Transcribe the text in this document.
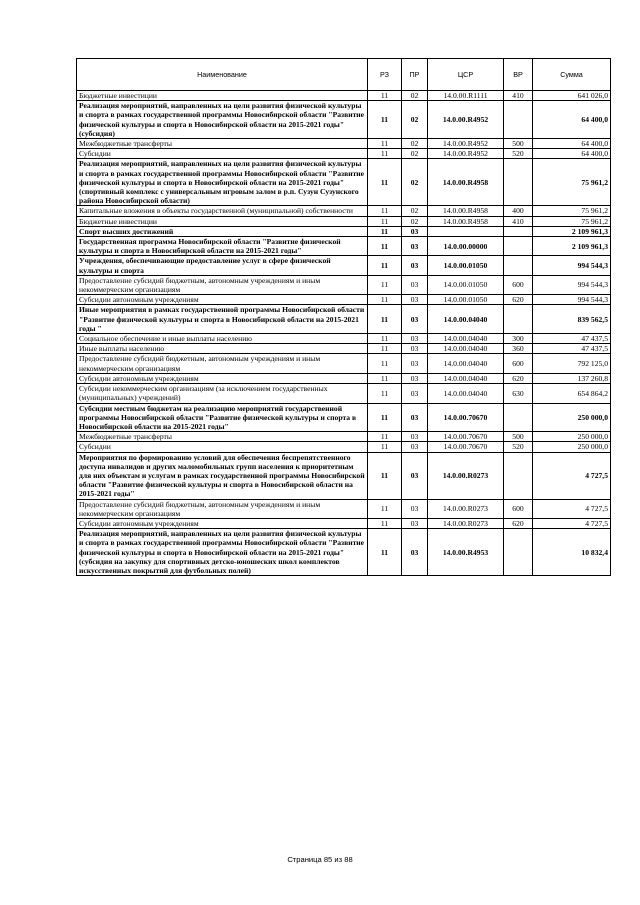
Наименование	РЗ	ПР	ЦСР	ВР	Сумма
Бюджетные инвестиции	11	02	14.0.00.R1111	410	641 026,0
Реализация мероприятий, направленных на цели развития физической культуры и спорта в рамках государственной программы Новосибирской области "Развитие физической культуры и спорта в Новосибирской области на 2015-2021 годы" (субсидия)	11	02	14.0.00.R4952		64 400,0
Межбюджетные трансферты	11	02	14.0.00.R4952	500	64 400,0
Субсидии	11	02	14.0.00.R4952	520	64 400,0
Реализация мероприятий, направленных на цели развития физической культуры и спорта в рамках государственной программы Новосибирской области "Развитие физической культуры и спорта в Новосибирской области на 2015-2021 годы" (спортивный комплекс с универсальным игровым залом в р.п. Сузун Сузунского района Новосибирской области)	11	02	14.0.00.R4958		75 961,2
Капитальные вложения в объекты государственной (муниципальной) собственности	11	02	14.0.00.R4958	400	75 961,2
Бюджетные инвестиции	11	02	14.0.00.R4958	410	75 961,2
Спорт высших достижений	11	03			2 109 961,3
Государственная программа Новосибирской области "Развитие физической культуры и спорта в Новосибирской области на 2015-2021 годы"	11	03	14.0.00.00000		2 109 961,3
Учреждения, обеспечивающие предоставление услуг в сфере физической культуры и спорта	11	03	14.0.00.01050		994 544,3
Предоставление субсидий бюджетным, автономным учреждениям и иным некоммерческим организациям	11	03	14.0.00.01050	600	994 544,3
Субсидии автономным учреждениям	11	03	14.0.00.01050	620	994 544,3
Иные мероприятия в рамках государственной программы Новосибирской области "Развитие физической культуры и спорта в Новосибирской области на 2015-2021 годы "	11	03	14.0.00.04040		839 562,5
Социальное обеспечение и иные выплаты населению	11	03	14.0.00.04040	300	47 437,5
Иные выплаты населению	11	03	14.0.00.04040	360	47 437,5
Предоставление субсидий бюджетным, автономным учреждениям и иным некоммерческим организациям	11	03	14.0.00.04040	600	792 125,0
Субсидии автономным учреждениям	11	03	14.0.00.04040	620	137 260,8
Субсидии некоммерческим организациям (за исключением государственных (муниципальных) учреждений)	11	03	14.0.00.04040	630	654 864,2
Субсидии местным бюджетам на реализацию мероприятий государственной программы Новосибирской области "Развитие физической культуры и спорта в Новосибирской области на 2015-2021 годы"	11	03	14.0.00.70670		250 000,0
Межбюджетные трансферты	11	03	14.0.00.70670	500	250 000,0
Субсидии	11	03	14.0.00.70670	520	250 000,0
Мероприятия по формированию условий для обеспечения беспрепятственного доступа инвалидов и других маломобильных групп населения к приоритетным для них объектам и услугам в рамках государственной программы Новосибирской области "Развитие физической культуры и спорта в Новосибирской области на 2015-2021 годы"	11	03	14.0.00.R0273		4 727,5
Предоставление субсидий бюджетным, автономным учреждениям и иным некоммерческим организациям	11	03	14.0.00.R0273	600	4 727,5
Субсидии автономным учреждениям	11	03	14.0.00.R0273	620	4 727,5
Реализация мероприятий, направленных на цели развития физической культуры и спорта в рамках государственной программы Новосибирской области "Развитие физической культуры и спорта в Новосибирской области на 2015-2021 годы" (субсидия на закупку для спортивных детско-юношеских школ комплектов искусственных покрытий для футбольных полей)	11	03	14.0.00.R4953		10 832,4
Страница 85 из 88
